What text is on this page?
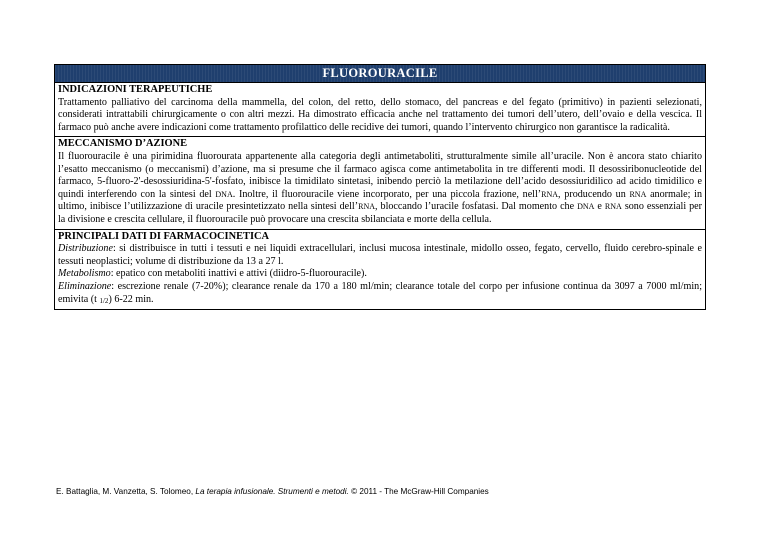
FLUOROURACILE
INDICAZIONI TERAPEUTICHE

Trattamento palliativo del carcinoma della mammella, del colon, del retto, dello stomaco, del pancreas e del fegato (primitivo) in pazienti selezionati, considerati intrattabili chirurgicamente o con altri mezzi. Ha dimostrato efficacia anche nel trattamento dei tumori dell’utero, dell’ovaio e della vescica. Il farmaco può anche avere indicazioni come trattamento profilattico delle recidive dei tumori, quando l’intervento chirurgico non garantisce la radicalità.

MECCANISMO D’AZIONE

Il fluorouracile è una pirimidina fluorourata appartenente alla categoria degli antimetaboliti, strutturalmente simile all’uracile. Non è ancora stato chiarito l’esatto meccanismo (o meccanismi) d’azione, ma si presume che il farmaco agisca come antimetabolita in tre differenti modi. Il desossiribonucleotide del farmaco, 5-fluoro-2'-desossiuridina-5'-fosfato, inibisce la timidilato sintetasi, inibendo perciò la metilazione dell’acido desossiuridilico ad acido timidilico e quindi interferendo con la sintesi del DNA. Inoltre, il fluorouracile viene incorporato, per una piccola frazione, nell’RNA, producendo un RNA anormale; in ultimo, inibisce l’utilizzazione di uracile presintetizzato nella sintesi dell’RNA, bloccando l’uracile fosfatasi. Dal momento che DNA e RNA sono essenziali per la divisione e crescita cellulare, il fluorouracile può provocare una crescita sbilanciata e morte della cellula.

PRINCIPALI DATI DI FARMACOCINETICA

Distribuzione: si distribuisce in tutti i tessuti e nei liquidi extracellulari, inclusi mucosa intestinale, midollo osseo, fegato, cervello, fluido cerebro-spinale e tessuti neoplastici; volume di distribuzione da 13 a 27 l.

Metabolismo: epatico con metaboliti inattivi e attivi (diidro-5-fluorouracile).

Eliminazione: escrezione renale (7-20%); clearance renale da 170 a 180 ml/min; clearance totale del corpo per infusione continua da 3097 a 7000 ml/min; emivita (t 1/2) 6-22 min.

E. Battaglia, M. Vanzetta, S. Tolomeo, La terapia infusionale. Strumenti e metodi. © 2011 - The McGraw-Hill Companies
